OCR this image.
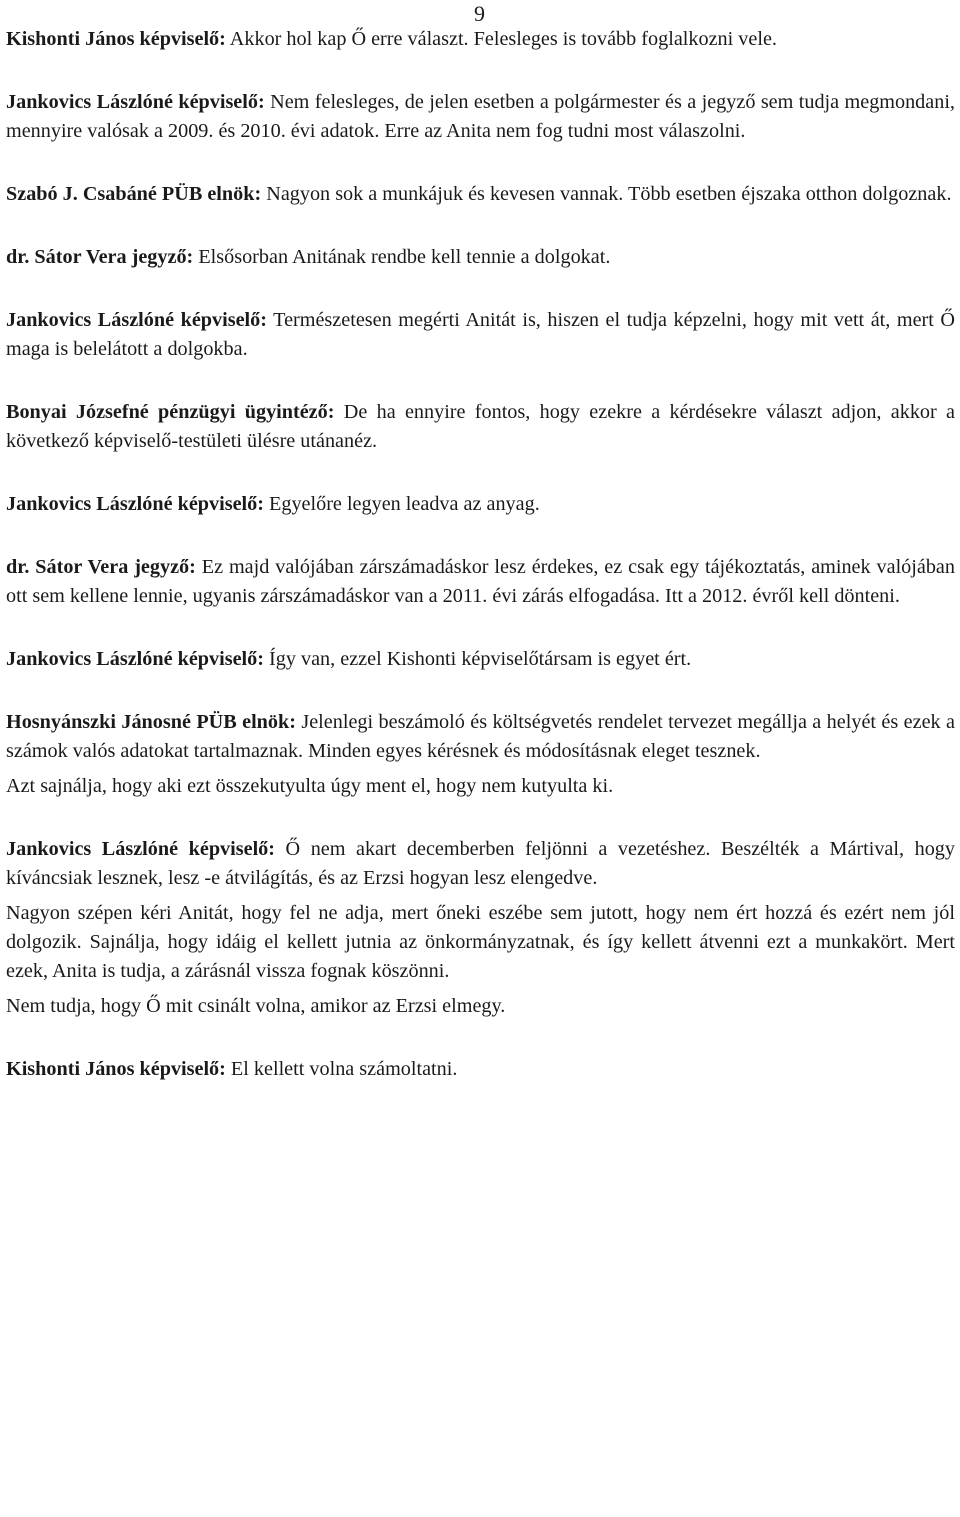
9

Kishonti János képviselő: Akkor hol kap Ő erre választ. Felesleges is tovább foglalkozni vele.

Jankovics Lászlóné képviselő: Nem felesleges, de jelen esetben a polgármester és a jegyző sem tudja megmondani, mennyire valósak a 2009. és 2010. évi adatok. Erre az Anita nem fog tudni most válaszolni.

Szabó J. Csabáné PÜB elnök: Nagyon sok a munkájuk és kevesen vannak. Több esetben éjszaka otthon dolgoznak.

dr. Sátor Vera jegyző: Elsősorban Anitának rendbe kell tennie a dolgokat.

Jankovics Lászlóné képviselő: Természetesen megérti Anitát is, hiszen el tudja képzelni, hogy mit vett át, mert Ő maga is belelátott a dolgokba.

Bonyai Józsefné pénzügyi ügyintéző: De ha ennyire fontos, hogy ezekre a kérdésekre választ adjon, akkor a következő képviselő-testületi ülésre utánanéz.

Jankovics Lászlóné képviselő: Egyelőre legyen leadva az anyag.

dr. Sátor Vera jegyző: Ez majd valójában zárszámadáskor lesz érdekes, ez csak egy tájékoztatás, aminek valójában ott sem kellene lennie, ugyanis zárszámadáskor van a 2011. évi zárás elfogadása. Itt a 2012. évről kell dönteni.

Jankovics Lászlóné képviselő: Így van, ezzel Kishonti képviselőtársam is egyet ért.

Hosnyánszki Jánosné PÜB elnök: Jelenlegi beszámoló és költségvetés rendelet tervezet megállja a helyét és ezek a számok valós adatokat tartalmaznak. Minden egyes kérésnek és módosításnak eleget tesznek.

Azt sajnálja, hogy aki ezt összekutyulta úgy ment el, hogy nem kutyulta ki.

Jankovics Lászlóné képviselő: Ő nem akart decemberben feljönni a vezetéshez. Beszélték a Mártival, hogy kíváncsiak lesznek, lesz -e átvilágítás, és az Erzsi hogyan lesz elengedve.

Nagyon szépen kéri Anitát, hogy fel ne adja, mert őneki eszébe sem jutott, hogy nem ért hozzá és ezért nem jól dolgozik. Sajnálja, hogy idáig el kellett jutnia az önkormányzatnak, és így kellett átvenni ezt a munkakört. Mert ezek, Anita is tudja, a zárásnál vissza fognak köszönni.

Nem tudja, hogy Ő mit csinált volna, amikor az Erzsi elmegy.

Kishonti János képviselő: El kellett volna számoltatni.
